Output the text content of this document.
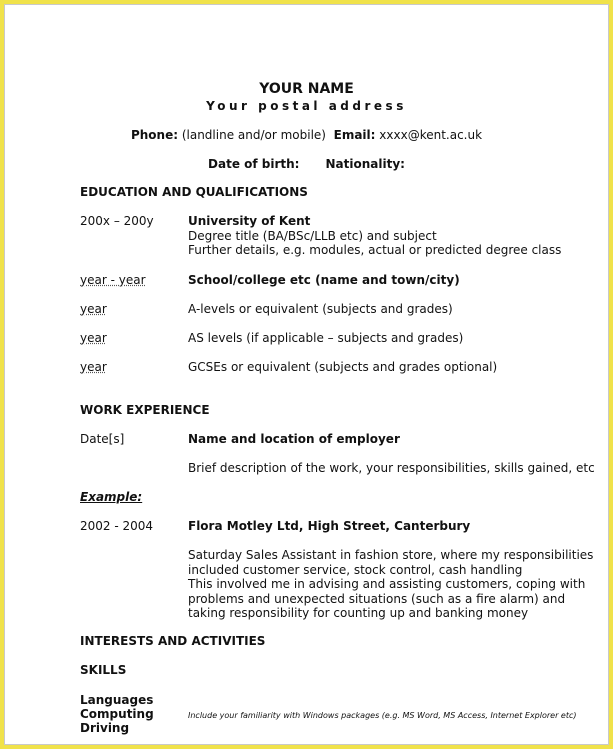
YOUR NAME
Your postal address
Phone: (landline and/or mobile) Email: xxxx@kent.ac.uk
Date of birth: Nationality:
EDUCATION AND QUALIFICATIONS
200x – 200y	University of Kent
Degree title (BA/BSc/LLB etc) and subject
Further details, e.g. modules, actual or predicted degree class
year - year	School/college etc (name and town/city)
year	A-levels or equivalent (subjects and grades)
year	AS levels (if applicable – subjects and grades)
year	GCSEs or equivalent (subjects and grades optional)
WORK EXPERIENCE
Date[s]	Name and location of employer
Brief description of the work, your responsibilities, skills gained, etc
Example:
2002 - 2004	Flora Motley Ltd, High Street, Canterbury
Saturday Sales Assistant in fashion store, where my responsibilities
included customer service, stock control, cash handling
This involved me in advising and assisting customers, coping with
problems and unexpected situations (such as a fire alarm) and
taking responsibility for counting up and banking money
INTERESTS AND ACTIVITIES
SKILLS
Languages
Computing
Driving
Include your familiarity with Windows packages (e.g. MS Word, MS Access, Internet Explorer etc)
